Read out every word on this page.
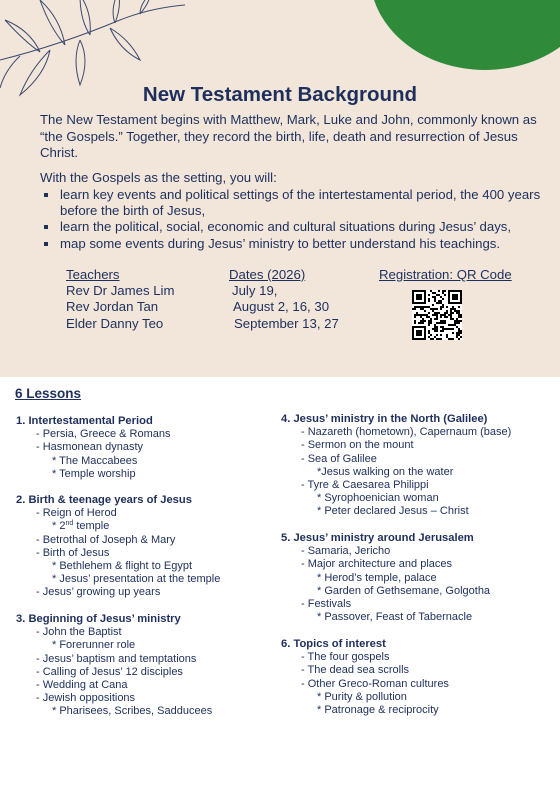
New Testament Background

The New Testament begins with Matthew, Mark, Luke and John, commonly known as “the Gospels.” Together, they record the birth, life, death and resurrection of Jesus Christ.

With the Gospels as the setting, you will:

learn key events and political settings of the intertestamental period, the 400 years before the birth of Jesus,
learn the political, social, economic and cultural situations during Jesus’ days,
map some events during Jesus’ ministry to better understand his teachings.
Teachers
Rev Dr James Lim
Rev Jordan Tan
Elder Danny Teo
Dates (2026)
July 19,
August 2, 16, 30
September 13, 27
Registration: QR Code
6 Lessons
1. Intertestamental Period
- Persia, Greece & Romans
- Hasmonean dynasty
* The Maccabees
* Temple worship
2. Birth & teenage years of Jesus
- Reign of Herod
* 2nd temple
- Betrothal of Joseph & Mary
- Birth of Jesus
* Bethlehem & flight to Egypt
* Jesus’ presentation at the temple
- Jesus’ growing up years
3. Beginning of Jesus’ ministry
- John the Baptist
* Forerunner role
- Jesus’ baptism and temptations
- Calling of Jesus’ 12 disciples
- Wedding at Cana
- Jewish oppositions
* Pharisees, Scribes, Sadducees
4. Jesus’ ministry in the North (Galilee)
- Nazareth (hometown), Capernaum (base)
- Sermon on the mount
- Sea of Galilee
*Jesus walking on the water
- Tyre & Caesarea Philippi
* Syrophoenician woman
* Peter declared Jesus – Christ
5. Jesus’ ministry around Jerusalem
- Samaria, Jericho
- Major architecture and places
* Herod’s temple, palace
* Garden of Gethsemane, Golgotha
- Festivals
* Passover, Feast of Tabernacle
6. Topics of interest
- The four gospels
- The dead sea scrolls
- Other Greco-Roman cultures
* Purity & pollution
* Patronage & reciprocity
